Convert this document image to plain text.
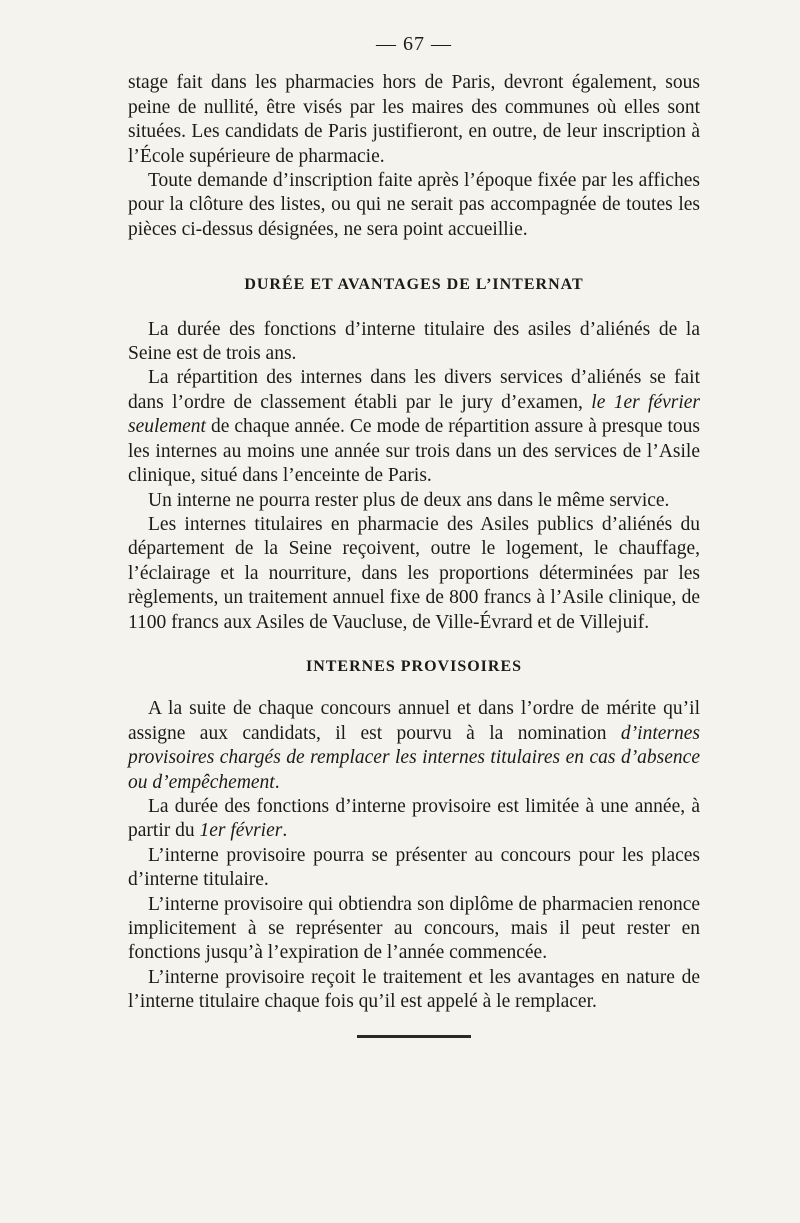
— 67 —

stage fait dans les pharmacies hors de Paris, devront également, sous peine de nullité, être visés par les maires des communes où elles sont situées. Les candidats de Paris justifieront, en outre, de leur inscription à l’École supérieure de pharmacie.

Toute demande d’inscription faite après l’époque fixée par les affiches pour la clôture des listes, ou qui ne serait pas accompagnée de toutes les pièces ci-dessus désignées, ne sera point accueillie.

DURÉE ET AVANTAGES DE L’INTERNAT

La durée des fonctions d’interne titulaire des asiles d’aliénés de la Seine est de trois ans.

La répartition des internes dans les divers services d’aliénés se fait dans l’ordre de classement établi par le jury d’examen, le 1er février seulement de chaque année. Ce mode de répartition assure à presque tous les internes au moins une année sur trois dans un des services de l’Asile clinique, situé dans l’enceinte de Paris.

Un interne ne pourra rester plus de deux ans dans le même service.

Les internes titulaires en pharmacie des Asiles publics d’aliénés du département de la Seine reçoivent, outre le logement, le chauffage, l’éclairage et la nourriture, dans les proportions déterminées par les règlements, un traitement annuel fixe de 800 francs à l’Asile clinique, de 1100 francs aux Asiles de Vaucluse, de Ville-Évrard et de Villejuif.

INTERNES PROVISOIRES

A la suite de chaque concours annuel et dans l’ordre de mérite qu’il assigne aux candidats, il est pourvu à la nomination d’internes provisoires chargés de remplacer les internes titulaires en cas d’absence ou d’empêchement.

La durée des fonctions d’interne provisoire est limitée à une année, à partir du 1er février.

L’interne provisoire pourra se présenter au concours pour les places d’interne titulaire.

L’interne provisoire qui obtiendra son diplôme de pharmacien renonce implicitement à se représenter au concours, mais il peut rester en fonctions jusqu’à l’expiration de l’année commencée.

L’interne provisoire reçoit le traitement et les avantages en nature de l’interne titulaire chaque fois qu’il est appelé à le remplacer.
